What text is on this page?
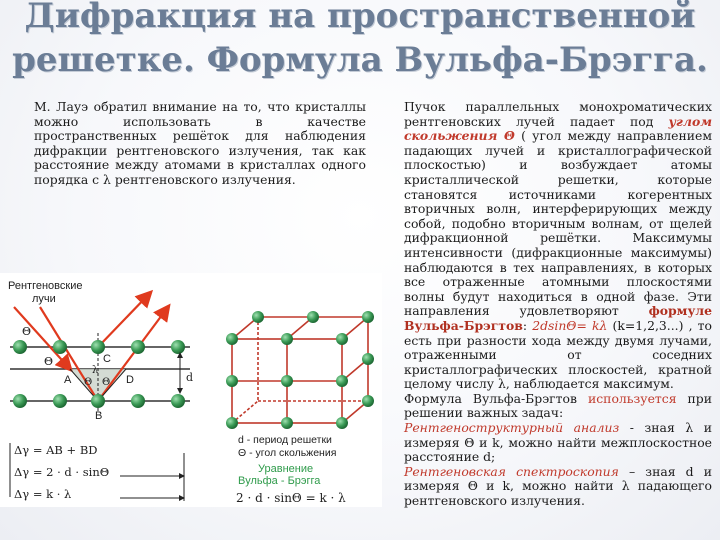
Дифракция на пространственной
решетке. Формула Вульфа-Брэгга.
М. Лауэ обратил внимание на то, что кристаллы можно использовать в качестве пространственных решёток для наблюдения дифракции рентгеновского излучения, так как расстояние между атомами в кристаллах одного порядка с λ рентгеновского излучения.

Пучок параллельных монохроматических рентгеновских лучей падает под углом скольжения Θ ( угол между направлением падающих лучей и кристаллографической плоскостью) и возбуждает атомы кристаллической решетки, которые становятся источниками когерентных вторичных волн, интерферирующих между собой, подобно вторичным волнам, от щелей дифракционной решётки. Максимумы интенсивности (дифракционные максимумы) наблюдаются в тех направлениях, в которых все отраженные атомными плоскостями волны будут находиться в одной фазе. Эти направления удовлетворяют формуле Вульфа-Брэгтов: 2dsinΘ= kλ (k=1,2,3...) , то есть при разности хода между двумя лучами, отраженными от соседних кристаллографических плоскостей, кратной целому числу λ, наблюдается максимум.

Формула Вульфа-Брэгтов используется при решении важных задач:

Рентгеноструктурный анализ - зная λ и измеряя Θ и k, можно найти межплоскостное расстояние d;

Рентгеновская спектроскопия – зная d и измеряя Θ и k, можно найти λ падающего рентгеновского излучения.

Рентгеновские
лучи
Θ
Θ
Θ Θ
A
B
C
D
λ
d
d - период решетки
Θ - угол скольжения
Δγ = AB + BD
Δγ = 2 · d · sinΘ
Δγ = k · λ
Уравнение
Вульфа - Брэгга
2 · d · sinΘ = k · λ
